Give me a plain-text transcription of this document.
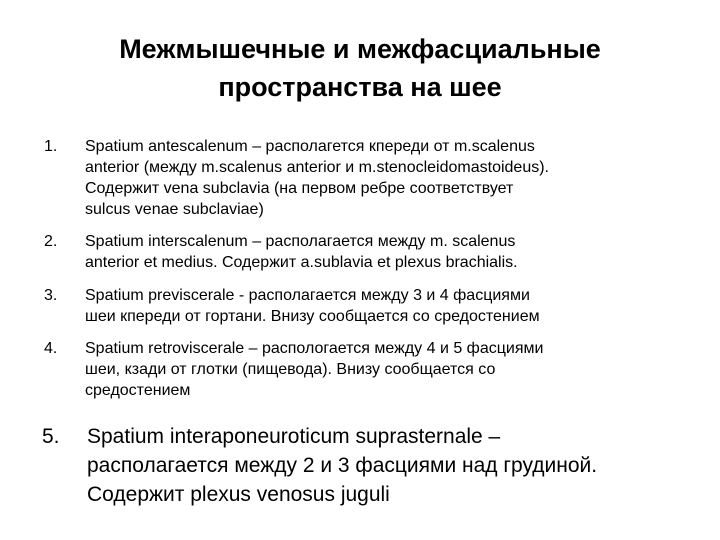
Межмышечные и межфасциальные
пространства на шее
1. Spatium antescalenum – располагется кпереди от m.scalenus
anterior (между m.scalenus anterior и m.stenocleidomastoideus).
Содержит vena subclavia (на первом ребре соответствует
sulcus venae subclaviae)
2. Spatium interscalenum – располагается между m. scalenus
anterior et medius. Содержит a.sublavia et plexus brachialis.
3. Spatium previscerale - располагается между 3 и 4 фасциями
шеи кпереди от гортани. Внизу сообщается со средостением
4. Spatium retroviscerale – распологается между 4 и 5 фасциями
шеи, кзади от глотки (пищевода). Внизу сообщается со
средостением
5. Spatium interaponeuroticum suprasternale –
располагается между 2 и 3 фасциями над грудиной.
Содержит plexus venosus juguli
